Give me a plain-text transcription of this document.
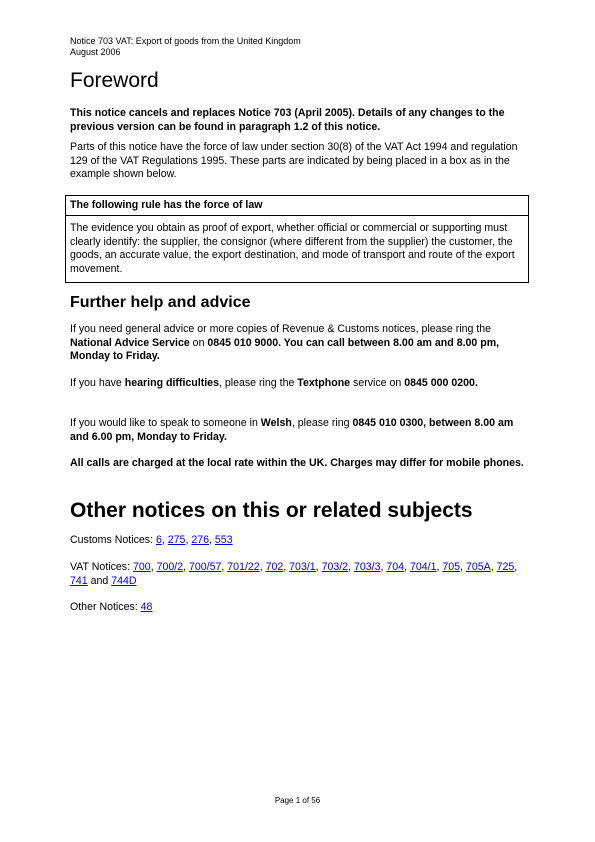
Notice 703 VAT: Export of goods from the United Kingdom
August 2006
Foreword

This notice cancels and replaces Notice 703 (April 2005). Details of any changes to the previous version can be found in paragraph 1.2 of this notice.

Parts of this notice have the force of law under section 30(8) of the VAT Act 1994 and regulation 129 of the VAT Regulations 1995. These parts are indicated by being placed in a box as in the example shown below.

The following rule has the force of law
The evidence you obtain as proof of export, whether official or commercial or supporting must clearly identify: the supplier, the consignor (where different from the supplier) the customer, the goods, an accurate value, the export destination, and mode of transport and route of the export movement.
Further help and advice

If you need general advice or more copies of Revenue & Customs notices, please ring the National Advice Service on 0845 010 9000. You can call between 8.00 am and 8.00 pm, Monday to Friday.

If you have hearing difficulties, please ring the Textphone service on 0845 000 0200.

If you would like to speak to someone in Welsh, please ring 0845 010 0300, between 8.00 am and 6.00 pm, Monday to Friday.

All calls are charged at the local rate within the UK. Charges may differ for mobile phones.

Other notices on this or related subjects

Customs Notices: 6, 275, 276, 553

VAT Notices: 700, 700/2, 700/57, 701/22, 702, 703/1, 703/2, 703/3, 704, 704/1, 705, 705A, 725, 741 and 744D

Other Notices: 48

Page 1 of 56
